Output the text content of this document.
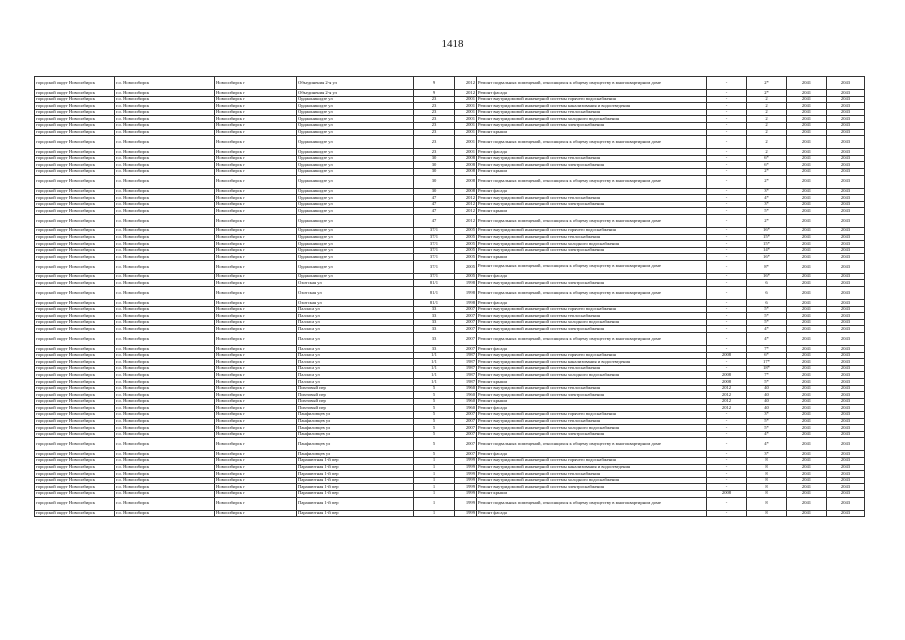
1418
городской округ Новосибирск	г.о. Новосибирск	Новосибирск г	Объединения 2-я ул	9	2012	Ремонт подвальных помещений, относящихся к общему имуществу в многоквартирном доме	-	2*	2041	2043
городской округ Новосибирск	г.о. Новосибирск	Новосибирск г	Объединения 2-я ул	9	2012	Ремонт фасада	-	2*	2041	2043
городской округ Новосибирск	г.о. Новосибирск	Новосибирск г	Орджоникидзе ул	23	2001	Ремонт внутридомовой инженерной системы горячего водоснабжения	-	2	2041	2043
городской округ Новосибирск	г.о. Новосибирск	Новосибирск г	Орджоникидзе ул	23	2001	Ремонт внутридомовой инженерной системы канализования и водоотведения	-	2	2041	2043
городской округ Новосибирск	г.о. Новосибирск	Новосибирск г	Орджоникидзе ул	23	2001	Ремонт внутридомовой инженерной системы теплоснабжения	-	2	2041	2043
городской округ Новосибирск	г.о. Новосибирск	Новосибирск г	Орджоникидзе ул	23	2001	Ремонт внутридомовой инженерной системы холодного водоснабжения	-	2	2041	2043
городской округ Новосибирск	г.о. Новосибирск	Новосибирск г	Орджоникидзе ул	23	2001	Ремонт внутридомовой инженерной системы электроснабжения	-	2	2041	2043
городской округ Новосибирск	г.о. Новосибирск	Новосибирск г	Орджоникидзе ул	23	2001	Ремонт крыши	-	2	2041	2043
городской округ Новосибирск	г.о. Новосибирск	Новосибирск г	Орджоникидзе ул	23	2001	Ремонт подвальных помещений, относящихся к общему имуществу в многоквартирном доме	-	2	2041	2043
городской округ Новосибирск	г.о. Новосибирск	Новосибирск г	Орджоникидзе ул	23	2001	Ремонт фасада	-	2	2041	2043
городской округ Новосибирск	г.о. Новосибирск	Новосибирск г	Орджоникидзе ул	30	2008	Ремонт внутридомовой инженерной системы теплоснабжения	-	6*	2041	2043
городской округ Новосибирск	г.о. Новосибирск	Новосибирск г	Орджоникидзе ул	30	2008	Ремонт внутридомовой инженерной системы электроснабжения	-	6*	2041	2043
городской округ Новосибирск	г.о. Новосибирск	Новосибирск г	Орджоникидзе ул	30	2008	Ремонт крыши	-	2*	2041	2043
городской округ Новосибирск	г.о. Новосибирск	Новосибирск г	Орджоникидзе ул	30	2008	Ремонт подвальных помещений, относящихся к общему имуществу в многоквартирном доме	-	2*	2041	2043
городской округ Новосибирск	г.о. Новосибирск	Новосибирск г	Орджоникидзе ул	30	2008	Ремонт фасада	-	3*	2041	2043
городской округ Новосибирск	г.о. Новосибирск	Новосибирск г	Орджоникидзе ул	47	2012	Ремонт внутридомовой инженерной системы теплоснабжения	-	4*	2041	2043
городской округ Новосибирск	г.о. Новосибирск	Новосибирск г	Орджоникидзе ул	47	2012	Ремонт внутридомовой инженерной системы электроснабжения	-	3*	2041	2043
городской округ Новосибирск	г.о. Новосибирск	Новосибирск г	Орджоникидзе ул	47	2012	Ремонт крыши	-	5*	2041	2043
городской округ Новосибирск	г.о. Новосибирск	Новосибирск г	Орджоникидзе ул	47	2012	Ремонт подвальных помещений, относящихся к общему имуществу в многоквартирном доме	-	2*	2041	2043
городской округ Новосибирск	г.о. Новосибирск	Новосибирск г	Орджоникидзе ул	37/1	2005	Ремонт внутридомовой инженерной системы горячего водоснабжения	-	16*	2041	2043
городской округ Новосибирск	г.о. Новосибирск	Новосибирск г	Орджоникидзе ул	37/1	2005	Ремонт внутридомовой инженерной системы теплоснабжения	-	15*	2041	2043
городской округ Новосибирск	г.о. Новосибирск	Новосибирск г	Орджоникидзе ул	37/1	2005	Ремонт внутридомовой инженерной системы холодного водоснабжения	-	15*	2041	2043
городской округ Новосибирск	г.о. Новосибирск	Новосибирск г	Орджоникидзе ул	37/1	2005	Ремонт внутридомовой инженерной системы электроснабжения	-	14*	2041	2043
городской округ Новосибирск	г.о. Новосибирск	Новосибирск г	Орджоникидзе ул	37/1	2005	Ремонт крыши	-	16*	2041	2043
городской округ Новосибирск	г.о. Новосибирск	Новосибирск г	Орджоникидзе ул	37/1	2005	Ремонт подвальных помещений, относящихся к общему имуществу в многоквартирном доме	-	8*	2041	2043
городской округ Новосибирск	г.о. Новосибирск	Новосибирск г	Орджоникидзе ул	37/1	2005	Ремонт фасада	-	16*	2041	2043
городской округ Новосибирск	г.о. Новосибирск	Новосибирск г	Охотская ул	81/1	1998	Ремонт внутридомовой инженерной системы электроснабжения	-	6	2041	2043
городской округ Новосибирск	г.о. Новосибирск	Новосибирск г	Охотская ул	81/1	1998	Ремонт подвальных помещений, относящихся к общему имуществу в многоквартирном доме	-	6	2041	2043
городской округ Новосибирск	г.о. Новосибирск	Новосибирск г	Охотская ул	81/1	1998	Ремонт фасада	-	6	2041	2043
городской округ Новосибирск	г.о. Новосибирск	Новосибирск г	Палласа ул	33	2007	Ремонт внутридомовой инженерной системы горячего водоснабжения	-	5*	2041	2043
городской округ Новосибирск	г.о. Новосибирск	Новосибирск г	Палласа ул	33	2007	Ремонт внутридомовой инженерной системы теплоснабжения	-	5*	2041	2043
городской округ Новосибирск	г.о. Новосибирск	Новосибирск г	Палласа ул	33	2007	Ремонт внутридомовой инженерной системы холодного водоснабжения	-	5*	2041	2043
городской округ Новосибирск	г.о. Новосибирск	Новосибирск г	Палласа ул	33	2007	Ремонт внутридомовой инженерной системы электроснабжения	-	4*	2041	2043
городской округ Новосибирск	г.о. Новосибирск	Новосибирск г	Палласа ул	33	2007	Ремонт подвальных помещений, относящихся к общему имуществу в многоквартирном доме	-	4*	2041	2043
городской округ Новосибирск	г.о. Новосибирск	Новосибирск г	Палласа ул	33	2007	Ремонт фасада	-	7*	2041	2043
городской округ Новосибирск	г.о. Новосибирск	Новосибирск г	Палласа ул	1/1	1987	Ремонт внутридомовой инженерной системы горячего водоснабжения	2008	6*	2041	2043
городской округ Новосибирск	г.о. Новосибирск	Новосибирск г	Палласа ул	1/1	1987	Ремонт внутридомовой инженерной системы канализования и водоотведения	-	17*	2041	2043
городской округ Новосибирск	г.о. Новосибирск	Новосибирск г	Палласа ул	1/1	1987	Ремонт внутридомовой инженерной системы теплоснабжения	-	18*	2041	2043
городской округ Новосибирск	г.о. Новосибирск	Новосибирск г	Палласа ул	1/1	1987	Ремонт внутридомовой инженерной системы холодного водоснабжения	2008	7*	2041	2043
городской округ Новосибирск	г.о. Новосибирск	Новосибирск г	Палласа ул	1/1	1987	Ремонт крыши	2008	5*	2041	2043
городской округ Новосибирск	г.о. Новосибирск	Новосибирск г	Пихтовый пер	5	1960	Ремонт внутридомовой инженерной системы теплоснабжения	2012	40	2041	2043
городской округ Новосибирск	г.о. Новосибирск	Новосибирск г	Пихтовый пер	5	1960	Ремонт внутридомовой инженерной системы электроснабжения	2012	40	2041	2043
городской округ Новосибирск	г.о. Новосибирск	Новосибирск г	Пихтовый пер	5	1960	Ремонт крыши	2012	40	2041	2043
городской округ Новосибирск	г.о. Новосибирск	Новосибирск г	Пихтовый пер	5	1960	Ремонт фасада	2012	40	2041	2043
городской округ Новосибирск	г.о. Новосибирск	Новосибирск г	Панфиловцев ул	5	2007	Ремонт внутридомовой инженерной системы горячего водоснабжения	-	3*	2041	2043
городской округ Новосибирск	г.о. Новосибирск	Новосибирск г	Панфиловцев ул	5	2007	Ремонт внутридомовой инженерной системы теплоснабжения	-	5*	2041	2043
городской округ Новосибирск	г.о. Новосибирск	Новосибирск г	Панфиловцев ул	5	2007	Ремонт внутридомовой инженерной системы холодного водоснабжения	-	5*	2041	2043
городской округ Новосибирск	г.о. Новосибирск	Новосибирск г	Панфиловцев ул	5	2007	Ремонт внутридомовой инженерной системы электроснабжения	-	4*	2041	2043
городской округ Новосибирск	г.о. Новосибирск	Новосибирск г	Панфиловцев ул	5	2007	Ремонт подвальных помещений, относящихся к общему имуществу в многоквартирном доме	-	4*	2041	2043
городской округ Новосибирск	г.о. Новосибирск	Новосибирск г	Панфиловцев ул	5	2007	Ремонт фасада	-	3*	2041	2043
городской округ Новосибирск	г.о. Новосибирск	Новосибирск г	Парашютная 1-й пер	1	1999	Ремонт внутридомовой инженерной системы горячего водоснабжения	-	8	2041	2043
городской округ Новосибирск	г.о. Новосибирск	Новосибирск г	Парашютная 1-й пер	1	1999	Ремонт внутридомовой инженерной системы канализования и водоотведения	-	8	2041	2043
городской округ Новосибирск	г.о. Новосибирск	Новосибирск г	Парашютная 1-й пер	1	1999	Ремонт внутридомовой инженерной системы теплоснабжения	-	8	2041	2043
городской округ Новосибирск	г.о. Новосибирск	Новосибирск г	Парашютная 1-й пер	1	1999	Ремонт внутридомовой инженерной системы холодного водоснабжения	-	8	2041	2043
городской округ Новосибирск	г.о. Новосибирск	Новосибирск г	Парашютная 1-й пер	1	1999	Ремонт внутридомовой инженерной системы электроснабжения	-	8	2041	2043
городской округ Новосибирск	г.о. Новосибирск	Новосибирск г	Парашютная 1-й пер	1	1999	Ремонт крыши	2008	8	2041	2043
городской округ Новосибирск	г.о. Новосибирск	Новосибирск г	Парашютная 1-й пер	1	1999	Ремонт подвальных помещений, относящихся к общему имуществу в многоквартирном доме	-	8	2041	2043
городской округ Новосибирск	г.о. Новосибирск	Новосибирск г	Парашютная 1-й пер	1	1999	Ремонт фасада	-	8	2041	2043
